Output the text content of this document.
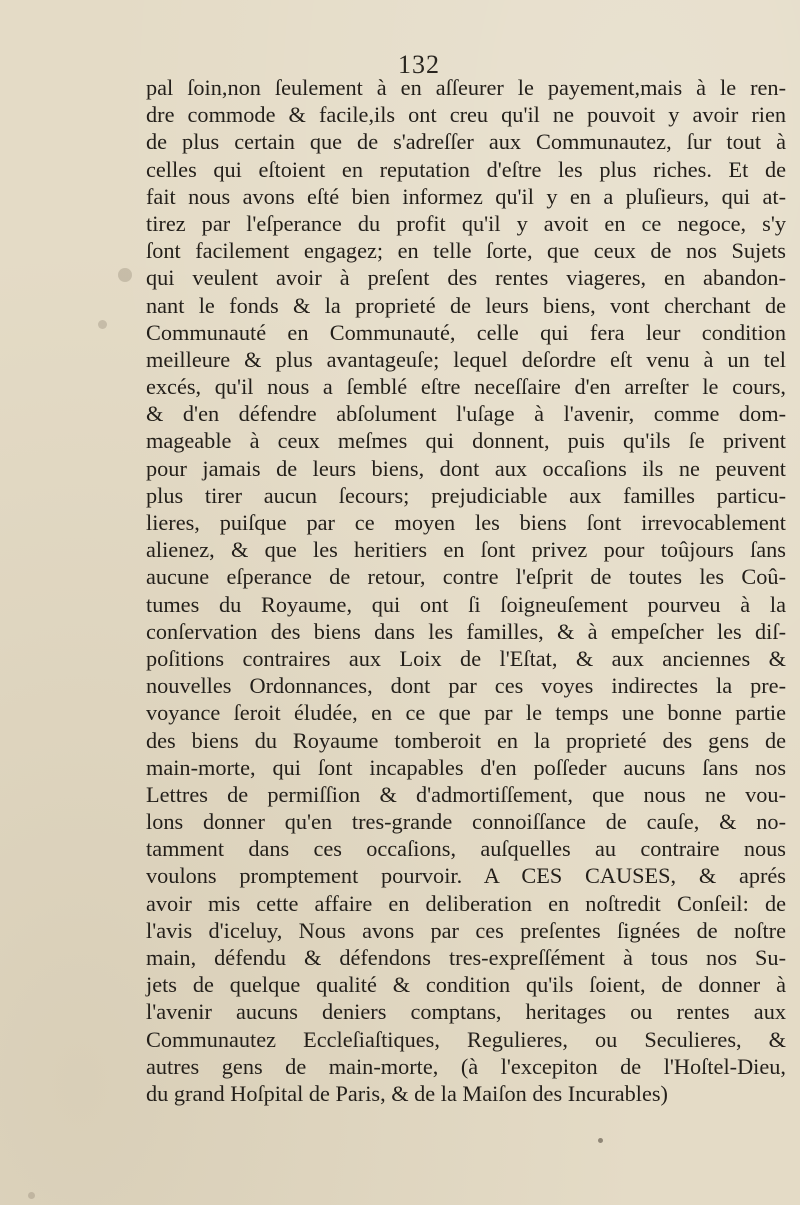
132
pal ſoin,non ſeulement à en aſſeurer le payement,mais à le ren-
dre commode & facile,ils ont creu qu'il ne pouvoit y avoir rien
de plus certain que de s'adreſſer aux Communautez, ſur tout à
celles qui eſtoient en reputation d'eſtre les plus riches. Et de
fait nous avons eſté bien informez qu'il y en a pluſieurs, qui at-
tirez par l'eſperance du profit qu'il y avoit en ce negoce, s'y
ſont facilement engagez; en telle ſorte, que ceux de nos Sujets
qui veulent avoir à preſent des rentes viageres, en abandon-
nant le fonds & la proprieté de leurs biens, vont cherchant de
Communauté en Communauté, celle qui fera leur condition
meilleure & plus avantageuſe; lequel deſordre eſt venu à un tel
excés, qu'il nous a ſemblé eſtre neceſſaire d'en arreſter le cours,
& d'en défendre abſolument l'uſage à l'avenir, comme dom-
mageable à ceux meſmes qui donnent, puis qu'ils ſe privent
pour jamais de leurs biens, dont aux occaſions ils ne peuvent
plus tirer aucun ſecours; prejudiciable aux familles particu-
lieres, puiſque par ce moyen les biens ſont irrevocablement
alienez, & que les heritiers en ſont privez pour toûjours ſans
aucune eſperance de retour, contre l'eſprit de toutes les Coû-
tumes du Royaume, qui ont ſi ſoigneuſement pourveu à la
conſervation des biens dans les familles, & à empeſcher les diſ-
poſitions contraires aux Loix de l'Eſtat, & aux anciennes &
nouvelles Ordonnances, dont par ces voyes indirectes la pre-
voyance ſeroit éludée, en ce que par le temps une bonne partie
des biens du Royaume tomberoit en la proprieté des gens de
main-morte, qui ſont incapables d'en poſſeder aucuns ſans nos
Lettres de permiſſion & d'admortiſſement, que nous ne vou-
lons donner qu'en tres-grande connoiſſance de cauſe, & no-
tamment dans ces occaſions, auſquelles au contraire nous
voulons promptement pourvoir. A CES CAUSES, & aprés
avoir mis cette affaire en deliberation en noſtredit Conſeil: de
l'avis d'iceluy, Nous avons par ces preſentes ſignées de noſtre
main, défendu & défendons tres-expreſſément à tous nos Su-
jets de quelque qualité & condition qu'ils ſoient, de donner à
l'avenir aucuns deniers comptans, heritages ou rentes aux
Communautez Eccleſiaſtiques, Regulieres, ou Seculieres, &
autres gens de main-morte, (à l'excepiton de l'Hoſtel-Dieu,
du grand Hoſpital de Paris, & de la Maiſon des Incurables)
